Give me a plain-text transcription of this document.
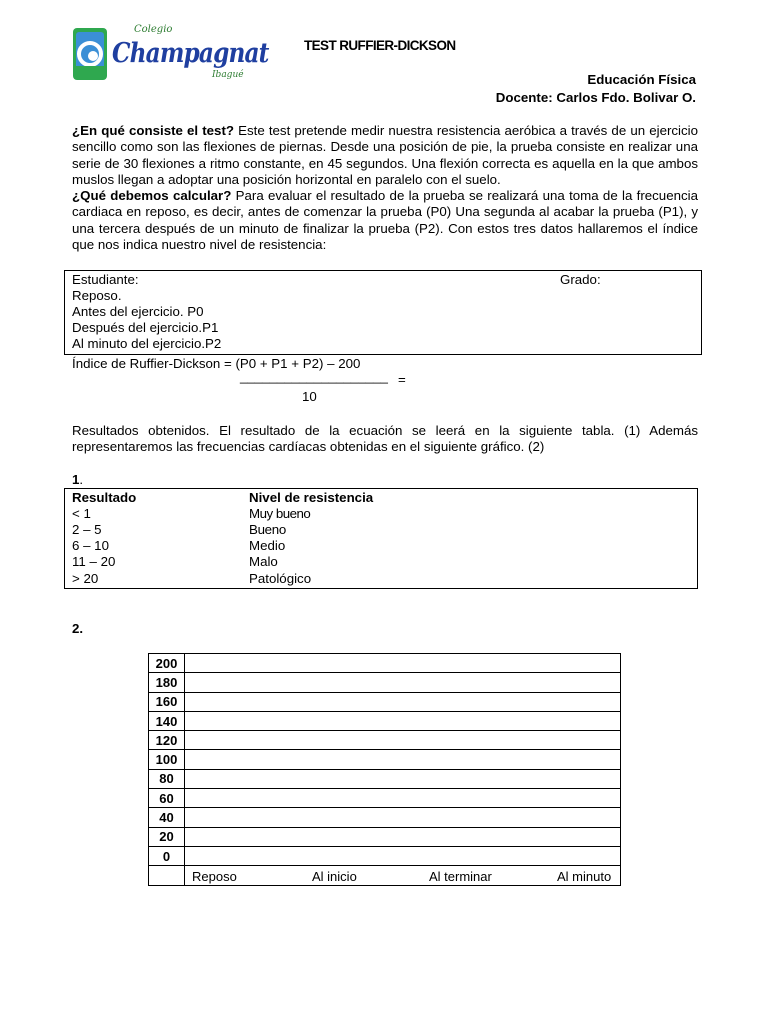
Colegio
Champagnat
Ibagué
TEST RUFFIER-DICKSON
Educación Física
Docente: Carlos Fdo. Bolivar O.
¿En qué consiste el test? Este test pretende medir nuestra resistencia aeróbica a través de un ejercicio sencillo como son las flexiones de piernas. Desde una posición de pie, la prueba consiste en realizar una serie de 30 flexiones a ritmo constante, en 45 segundos. Una flexión correcta es aquella en la que ambos muslos llegan a adoptar una posición horizontal en paralelo con el suelo.
¿Qué debemos calcular? Para evaluar el resultado de la prueba se realizará una toma de la frecuencia cardiaca en reposo, es decir, antes de comenzar la prueba (P0) Una segunda al acabar la prueba (P1), y una tercera después de un minuto de finalizar la prueba (P2). Con estos tres datos hallaremos el índice que nos indica nuestro nivel de resistencia:
Estudiante:	Grado:
Reposo.
Antes del ejercicio. P0
Después del ejercicio.P1
Al minuto del ejercicio.P2
Índice de Ruffier-Dickson = (P0 + P1 + P2) – 200
____________________ =
10
Resultados obtenidos. El resultado de la ecuación se leerá en la siguiente tabla. (1) Además representaremos las frecuencias cardíacas obtenidas en el siguiente gráfico. (2)
1.
Resultado	Nivel de resistencia
< 1	Muy bueno
2 – 5	Bueno
6 – 10	Medio
11 – 20	Malo
> 20	Patológico
2.
200	
180	
160	
140	
120	
100	
80	
60	
40	
20	
0	

Reposo	Al inicio	Al terminar	Al minuto
